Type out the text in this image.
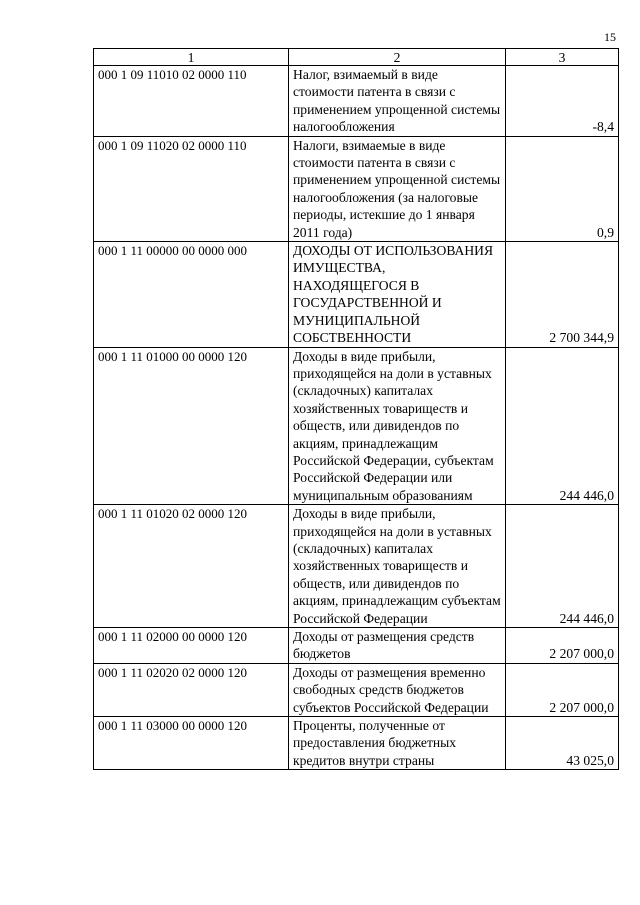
15
1	2	3
000 1 09 11010 02 0000 110	Налог, взимаемый в виде стоимости патента в связи с применением упрощенной системы налогообложения	-8,4
000 1 09 11020 02 0000 110	Налоги, взимаемые в виде стоимости патента в связи с применением упрощенной системы налогообложения (за налоговые периоды, истекшие до 1 января 2011 года)	0,9
000 1 11 00000 00 0000 000	ДОХОДЫ ОТ ИСПОЛЬЗОВАНИЯ ИМУЩЕСТВА, НАХОДЯЩЕГОСЯ В ГОСУДАРСТВЕННОЙ И МУНИЦИПАЛЬНОЙ СОБСТВЕННОСТИ	2 700 344,9
000 1 11 01000 00 0000 120	Доходы в виде прибыли, приходящейся на доли в уставных (складочных) капиталах хозяйственных товариществ и обществ, или дивидендов по акциям, принадлежащим Российской Федерации, субъектам Российской Федерации или муниципальным образованиям	244 446,0
000 1 11 01020 02 0000 120	Доходы в виде прибыли, приходящейся на доли в уставных (складочных) капиталах хозяйственных товариществ и обществ, или дивидендов по акциям, принадлежащим субъектам Российской Федерации	244 446,0
000 1 11 02000 00 0000 120	Доходы от размещения средств бюджетов	2 207 000,0
000 1 11 02020 02 0000 120	Доходы от размещения временно свободных средств бюджетов субъектов Российской Федерации	2 207 000,0
000 1 11 03000 00 0000 120	Проценты, полученные от предоставления бюджетных кредитов внутри страны	43 025,0
